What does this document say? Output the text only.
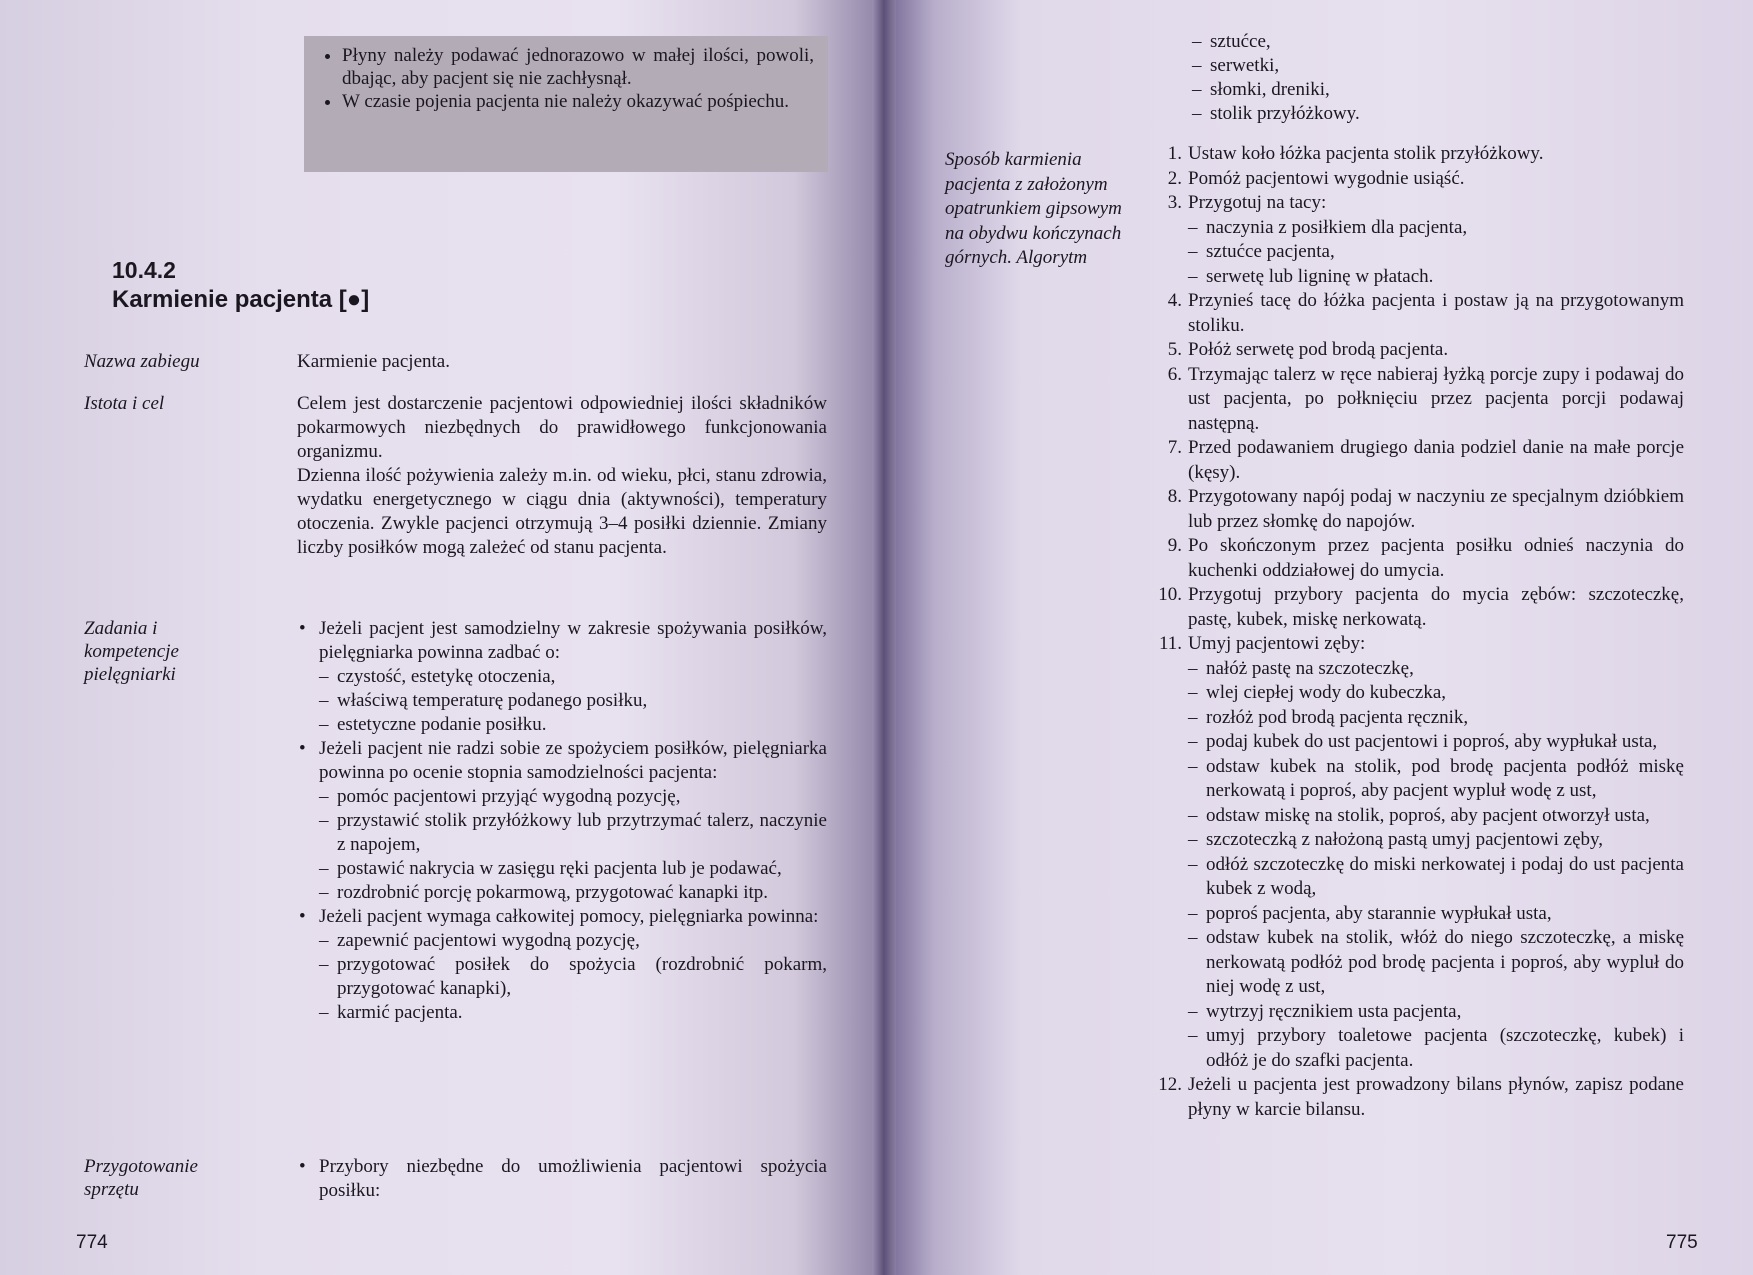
• Płyny należy podawać jednorazowo w małej ilości, powoli, dbając, aby pacjent się nie zachłysnął.
• W czasie pojenia pacjenta nie należy okazywać pośpiechu.
10.4.2
Karmienie pacjenta [●]
Nazwa zabiegu	Karmienie pacjenta.
Istota i cel	Celem jest dostarczenie pacjentowi odpowiedniej ilości składników pokarmowych niezbędnych do prawidłowego funkcjonowania organizmu.

Dzienna ilość pożywienia zależy m.in. od wieku, płci, stanu zdrowia, wydatku energetycznego w ciągu dnia (aktywności), temperatury otoczenia. Zwykle pacjenci otrzymują 3–4 posiłki dziennie. Zmiany liczby posiłków mogą zależeć od stanu pacjenta.

Zadania i kompetencje pielęgniarki
• Jeżeli pacjent jest samodzielny w zakresie spożywania posiłków, pielęgniarka powinna zadbać o:
– czystość, estetykę otoczenia,
– właściwą temperaturę podanego posiłku,
– estetyczne podanie posiłku.
• Jeżeli pacjent nie radzi sobie ze spożyciem posiłków, pielęgniarka powinna po ocenie stopnia samodzielności pacjenta:
– pomóc pacjentowi przyjąć wygodną pozycję,
– przystawić stolik przyłóżkowy lub przytrzymać talerz, naczynie z napojem,
– postawić nakrycia w zasięgu ręki pacjenta lub je podawać,
– rozdrobnić porcję pokarmową, przygotować kanapki itp.
• Jeżeli pacjent wymaga całkowitej pomocy, pielęgniarka powinna:
– zapewnić pacjentowi wygodną pozycję,
– przygotować posiłek do spożycia (rozdrobnić pokarm, przygotować kanapki),
– karmić pacjenta.
Przygotowanie sprzętu
• Przybory niezbędne do umożliwienia pacjentowi spożycia posiłku:
774
– sztućce,
– serwetki,
– słomki, dreniki,
– stolik przyłóżkowy.
Sposób karmienia pacjenta z założonym opatrunkiem gipsowym na obydwu kończynach górnych. Algorytm
1. Ustaw koło łóżka pacjenta stolik przyłóżkowy.
2. Pomóż pacjentowi wygodnie usiąść.
3. Przygotuj na tacy:
– naczynia z posiłkiem dla pacjenta,
– sztućce pacjenta,
– serwetę lub ligninę w płatach.
4. Przynieś tacę do łóżka pacjenta i postaw ją na przygotowanym stoliku.
5. Połóż serwetę pod brodą pacjenta.
6. Trzymając talerz w ręce nabieraj łyżką porcje zupy i podawaj do ust pacjenta, po połknięciu przez pacjenta porcji podawaj następną.
7. Przed podawaniem drugiego dania podziel danie na małe porcje (kęsy).
8. Przygotowany napój podaj w naczyniu ze specjalnym dzióbkiem lub przez słomkę do napojów.
9. Po skończonym przez pacjenta posiłku odnieś naczynia do kuchenki oddziałowej do umycia.
10. Przygotuj przybory pacjenta do mycia zębów: szczoteczkę, pastę, kubek, miskę nerkowatą.
11. Umyj pacjentowi zęby:
– nałóż pastę na szczoteczkę,
– wlej ciepłej wody do kubeczka,
– rozłóż pod brodą pacjenta ręcznik,
– podaj kubek do ust pacjentowi i poproś, aby wypłukał usta,
– odstaw kubek na stolik, pod brodę pacjenta podłóż miskę nerkowatą i poproś, aby pacjent wypluł wodę z ust,
– odstaw miskę na stolik, poproś, aby pacjent otworzył usta,
– szczoteczką z nałożoną pastą umyj pacjentowi zęby,
– odłóż szczoteczkę do miski nerkowatej i podaj do ust pacjenta kubek z wodą,
– poproś pacjenta, aby starannie wypłukał usta,
– odstaw kubek na stolik, włóż do niego szczoteczkę, a miskę nerkowatą podłóż pod brodę pacjenta i poproś, aby wypluł do niej wodę z ust,
– wytrzyj ręcznikiem usta pacjenta,
– umyj przybory toaletowe pacjenta (szczoteczkę, kubek) i odłóż je do szafki pacjenta.
12. Jeżeli u pacjenta jest prowadzony bilans płynów, zapisz podane płyny w karcie bilansu.
775
